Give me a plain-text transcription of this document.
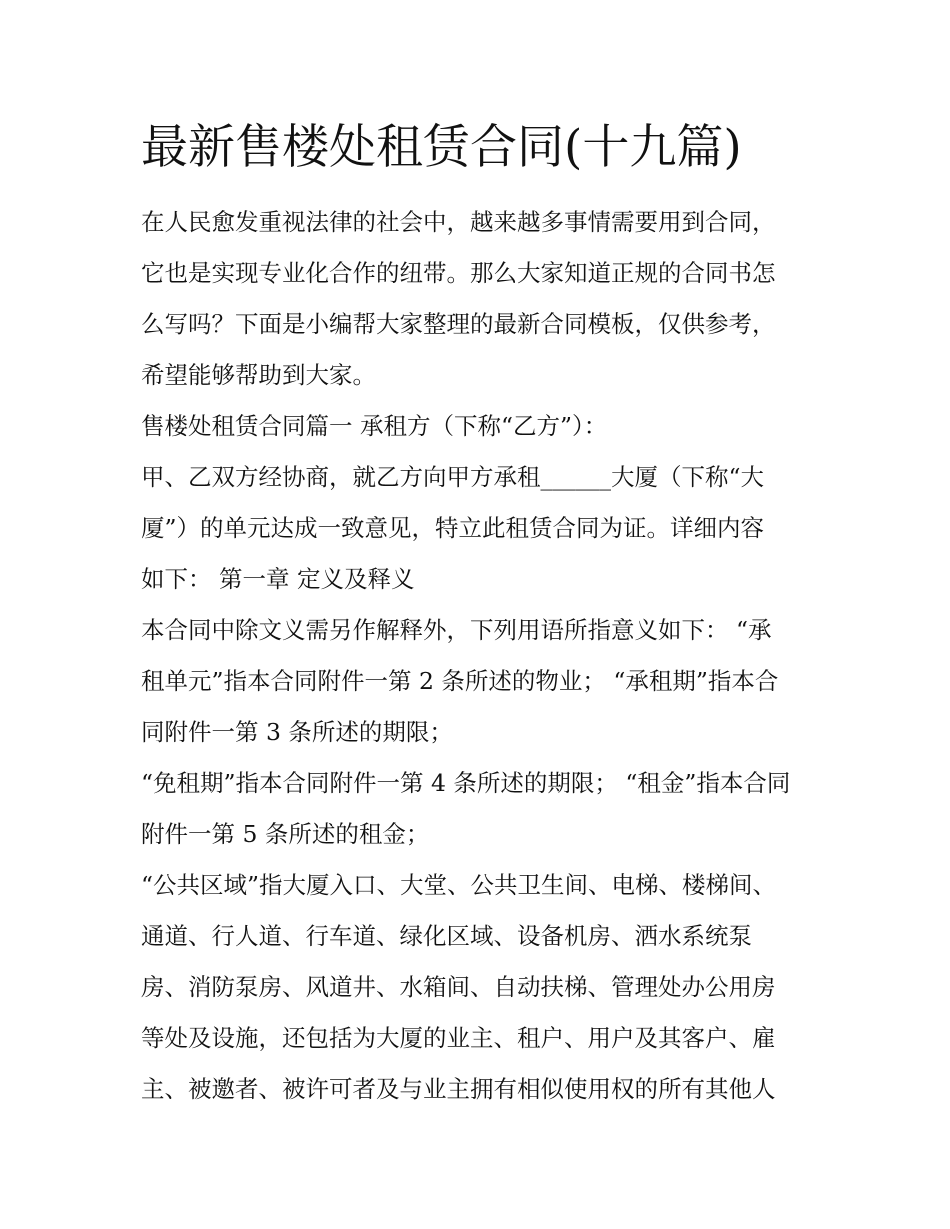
最新售楼处租赁合同(十九篇)
在人民愈发重视法律的社会中，越来越多事情需要用到合同，
它也是实现专业化合作的纽带。那么大家知道正规的合同书怎
么写吗？下面是小编帮大家整理的最新合同模板，仅供参考，
希望能够帮助到大家。
售楼处租赁合同篇一 承租方（下称“乙方”）：
甲、乙双方经协商，就乙方向甲方承租______大厦（下称“大
厦”）的单元达成一致意见，特立此租赁合同为证。详细内容
如下： 第一章 定义及释义
本合同中除文义需另作解释外，下列用语所指意义如下： “承
租单元”指本合同附件一第 2 条所述的物业； “承租期”指本合
同附件一第 3 条所述的期限；
“免租期”指本合同附件一第 4 条所述的期限； “租金”指本合同
附件一第 5 条所述的租金；
“公共区域”指大厦入口、大堂、公共卫生间、电梯、楼梯间、
通道、行人道、行车道、绿化区域、设备机房、洒水系统泵
房、消防泵房、风道井、水箱间、自动扶梯、管理处办公用房
等处及设施，还包括为大厦的业主、租户、用户及其客户、雇
主、被邀者、被许可者及与业主拥有相似使用权的所有其他人
